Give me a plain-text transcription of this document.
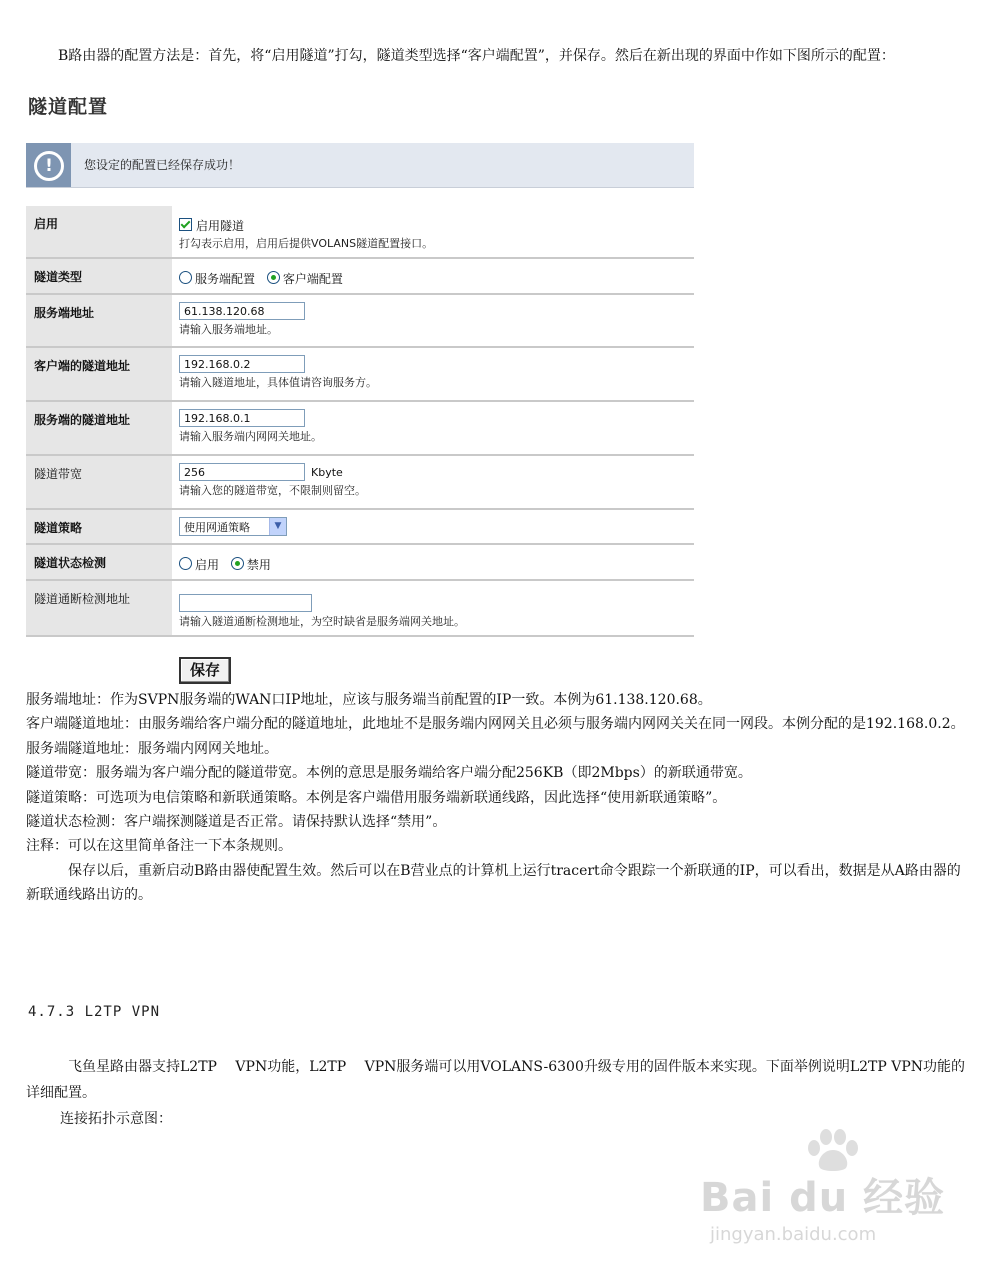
B路由器的配置方法是：首先，将“启用隧道”打勾，隧道类型选择“客户端配置”，并保存。然后在新出现的界面中作如下图所示的配置：

隧道配置
!	您设定的配置已经保存成功！
启用	启用隧道
打勾表示启用，启用后提供VOLANS隧道配置接口。

隧道类型	服务端配置 客户端配置

服务端地址	61.138.120.68
请输入服务端地址。

客户端的隧道地址	192.168.0.2
请输入隧道地址，具体值请咨询服务方。

服务端的隧道地址	192.168.0.1
请输入服务端内网网关地址。

隧道带宽	256 Kbyte
请输入您的隧道带宽，不限制则留空。

隧道策略	使用网通策略 ▼

隧道状态检测	启用 禁用

隧道通断检测地址	请输入隧道通断检测地址，为空时缺省是服务端网关地址。
保存

服务端地址：作为SVPN服务端的WAN口IP地址，应该与服务端当前配置的IP一致。本例为61.138.120.68。

客户端隧道地址：由服务端给客户端分配的隧道地址，此地址不是服务端内网网关且必须与服务端内网网关关在同一网段。本例分配的是192.168.0.2。

服务端隧道地址：服务端内网网关地址。

隧道带宽：服务端为客户端分配的隧道带宽。本例的意思是服务端给客户端分配256KB（即2Mbps）的新联通带宽。

隧道策略：可选项为电信策略和新联通策略。本例是客户端借用服务端新联通线路，因此选择“使用新联通策略”。

隧道状态检测：客户端探测隧道是否正常。请保持默认选择“禁用”。

注释：可以在这里简单备注一下本条规则。

保存以后，重新启动B路由器使配置生效。然后可以在B营业点的计算机上运行tracert命令跟踪一个新联通的IP，可以看出，数据是从A路由器的新联通线路出访的。

4.7.3 L2TP VPN

飞鱼星路由器支持L2TP　 VPN功能，L2TP　 VPN服务端可以用VOLANS-6300升级专用的固件版本来实现。下面举例说明L2TP VPN功能的详细配置。

连接拓扑示意图：

Bai du 经验
jingyan.baidu.com
